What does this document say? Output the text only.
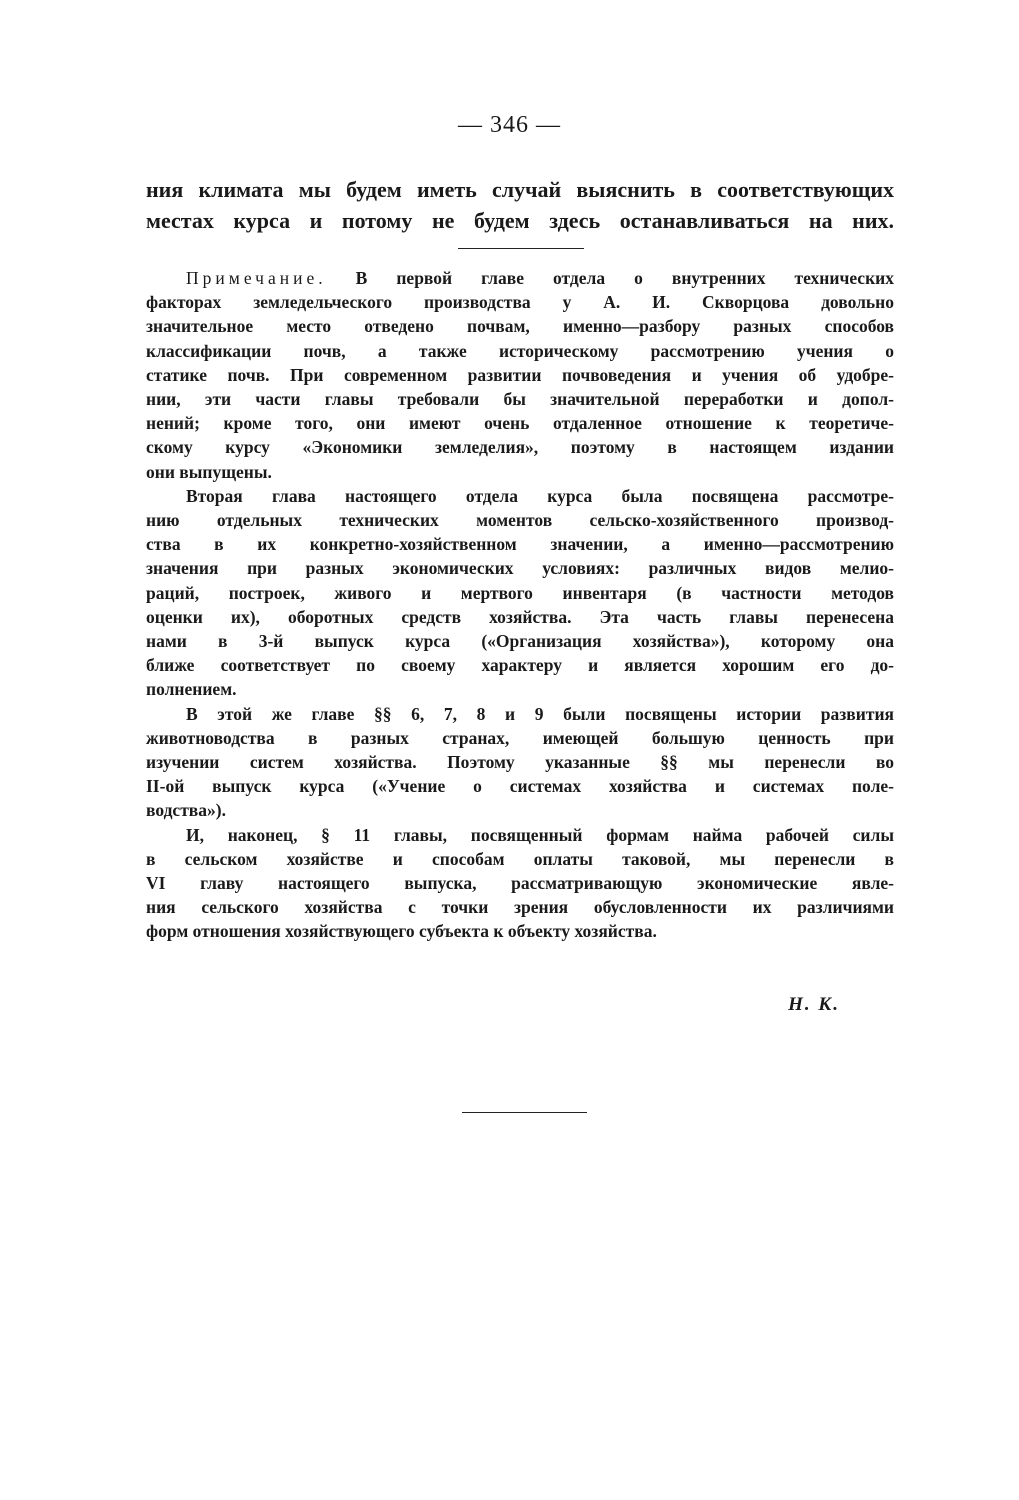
— 346 —
ния климата мы будем иметь случай выяснить в соответствующих
местах курса и потому не будем здесь останавливаться на них.
Примечание. В первой главе отдела о внутренних технических
факторах земледельческого производства у А. И. Скворцова довольно
значительное место отведено почвам, именно—разбору разных способов
классификации почв, а также историческому рассмотрению учения о
статике почв. При современном развитии почвоведения и учения об удобре-
нии, эти части главы требовали бы значительной переработки и допол-
нений; кроме того, они имеют очень отдаленное отношение к теоретиче-
скому курсу «Экономики земледелия», поэтому в настоящем издании
они выпущены.
Вторая глава настоящего отдела курса была посвящена рассмотре-
нию отдельных технических моментов сельско-хозяйственного производ-
ства в их конкретно-хозяйственном значении, а именно—рассмотрению
значения при разных экономических условиях: различных видов мелио-
раций, построек, живого и мертвого инвентаря (в частности методов
оценки их), оборотных средств хозяйства. Эта часть главы перенесена
нами в 3-й выпуск курса («Организация хозяйства»), которому она
ближе соответствует по своему характеру и является хорошим его до-
полнением.
В этой же главе §§ 6, 7, 8 и 9 были посвящены истории развития
животноводства в разных странах, имеющей большую ценность при
изучении систем хозяйства. Поэтому указанные §§ мы перенесли во
II-ой выпуск курса («Учение о системах хозяйства и системах поле-
водства»).
И, наконец, § 11 главы, посвященный формам найма рабочей силы
в сельском хозяйстве и способам оплаты таковой, мы перенесли в
VI главу настоящего выпуска, рассматривающую экономические явле-
ния сельского хозяйства с точки зрения обусловленности их различиями
форм отношения хозяйствующего субъекта к объекту хозяйства.
Н. К.
